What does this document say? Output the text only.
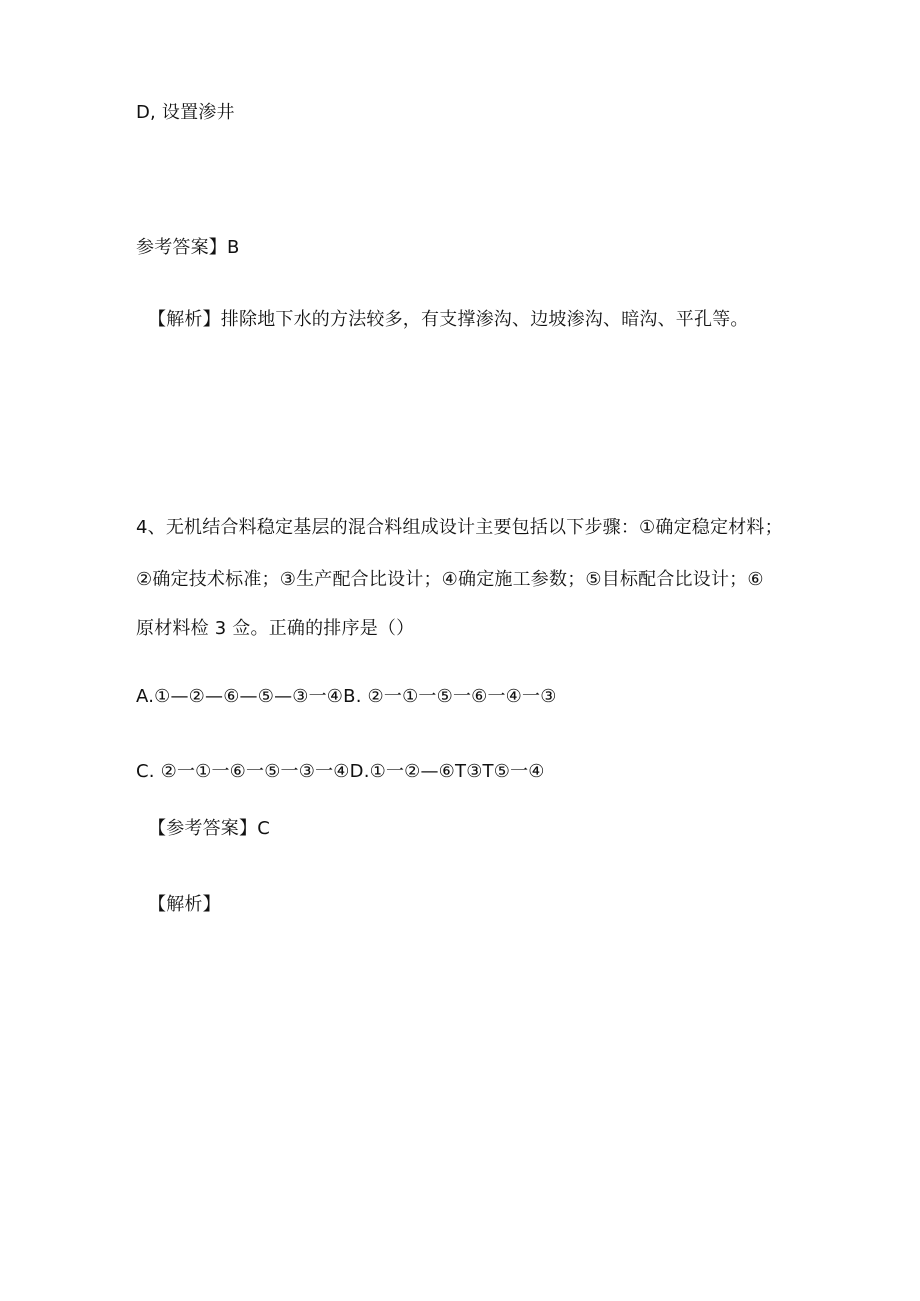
D, 设置渗井
参考答案】B
【解析】排除地下水的方法较多，有支撑渗沟、边坡渗沟、暗沟、平孔等。
4、无机结合料稳定基层的混合料组成设计主要包括以下步骤：①确定稳定材料；
②确定技术标准；③生产配合比设计；④确定施工参数；⑤目标配合比设计；⑥
原材料检 3 佥。正确的排序是（）
A.①—②—⑥—⑤—③一④B. ②一①一⑤一⑥一④一③
C. ②一①一⑥一⑤一③一④D.①一②—⑥T③T⑤一④
【参考答案】C
【解析】
